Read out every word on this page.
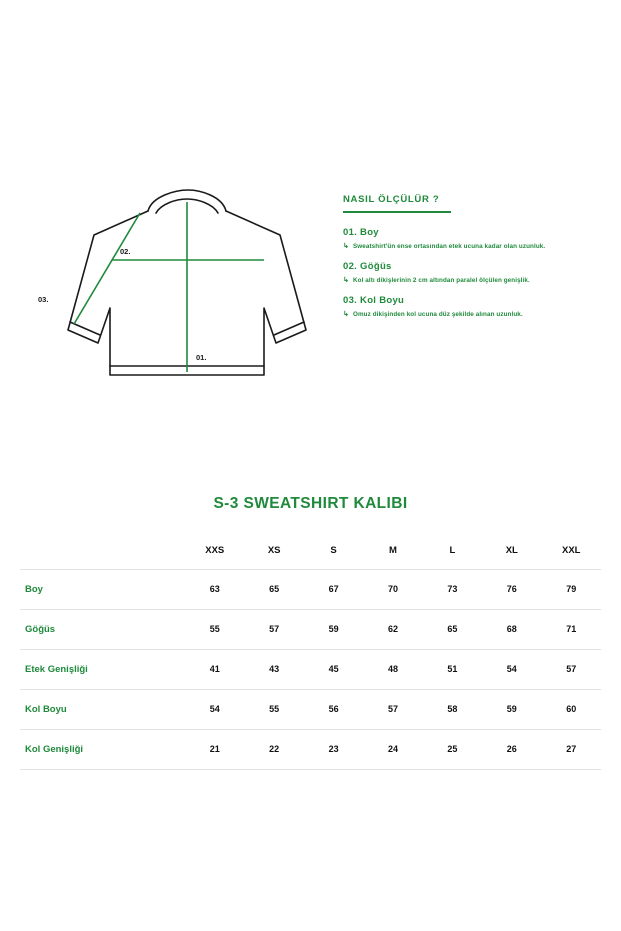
01.
02.
03.
NASIL ÖLÇÜLÜR ?
01. Boy
↳ Sweatshirt'ün ense ortasından etek ucuna kadar olan uzunluk.
02. Göğüs
↳ Kol altı dikişlerinin 2 cm altından paralel ölçülen genişlik.
03. Kol Boyu
↳ Omuz dikişinden kol ucuna düz şekilde alınan uzunluk.
S-3 SWEATSHIRT KALIBI
	XXS	XS	S	M	L	XL	XXL
Boy	63	65	67	70	73	76	79
Göğüs	55	57	59	62	65	68	71
Etek Genişliği	41	43	45	48	51	54	57
Kol Boyu	54	55	56	57	58	59	60
Kol Genişliği	21	22	23	24	25	26	27
